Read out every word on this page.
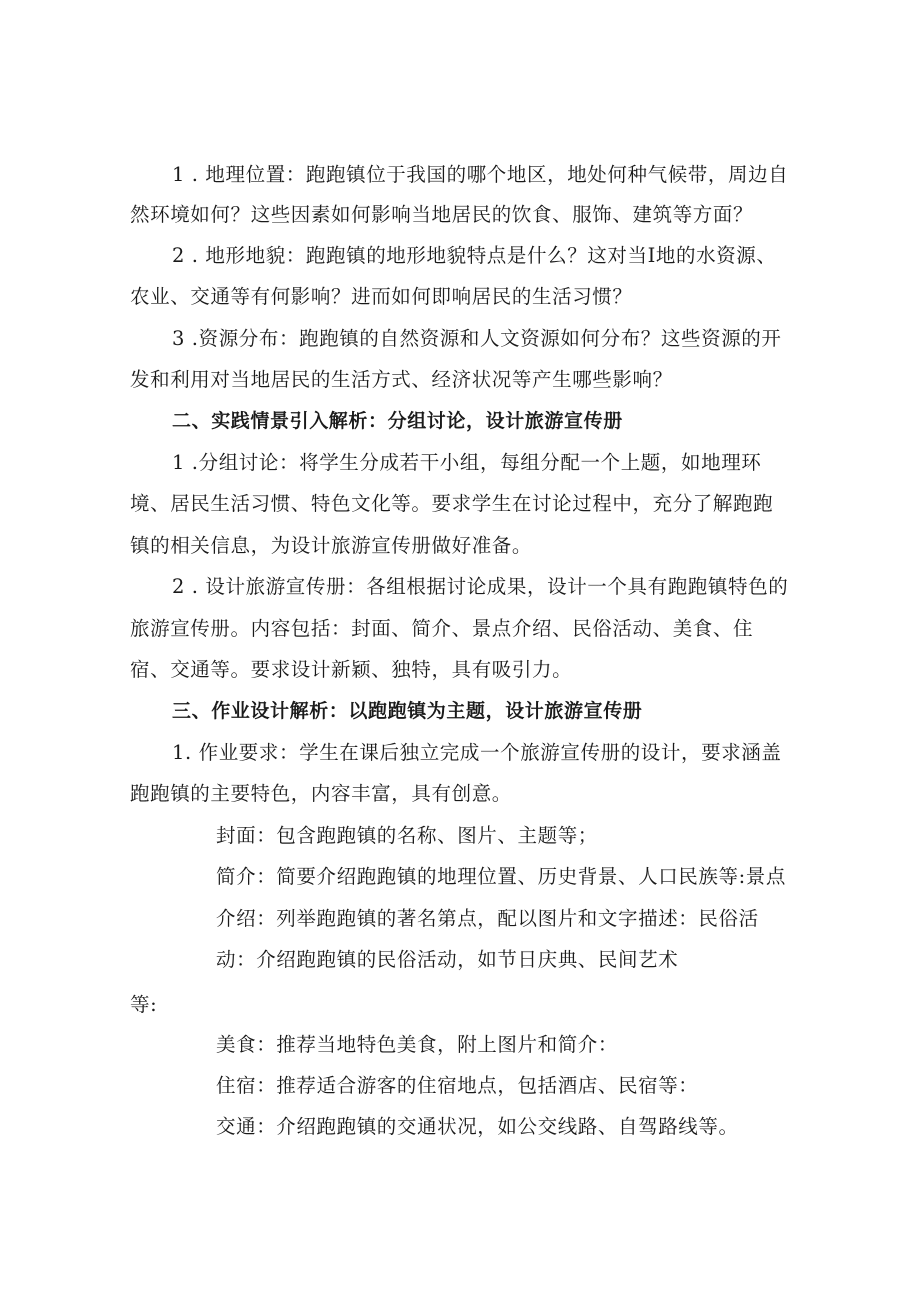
1 . 地理位置：跑跑镇位于我国的哪个地区，地处何种气候带，周边自
然环境如何？这些因素如何影响当地居民的饮食、服饰、建筑等方面？
2 . 地形地貌：跑跑镇的地形地貌特点是什么？这对当I地的水资源、
农业、交通等有何影响？进而如何即响居民的生活习惯？
3 .资源分布：跑跑镇的自然资源和人文资源如何分布？这些资源的开
发和利用对当地居民的生活方式、经济状况等产生哪些影响？
二、实践情景引入解析：分组讨论，设计旅游宣传册
1 .分组讨论：将学生分成若干小组，每组分配一个上题，如地理环
境、居民生活习惯、特色文化等。要求学生在讨论过程中，充分了解跑跑
镇的相关信息，为设计旅游宣传册做好准备。
2 . 设计旅游宣传册：各组根据讨论成果，设计一个具有跑跑镇特色的
旅游宣传册。内容包括：封面、简介、景点介绍、民俗活动、美食、住
宿、交通等。要求设计新颖、独特，具有吸引力。
三、作业设计解析：以跑跑镇为主题，设计旅游宣传册
1. 作业要求：学生在课后独立完成一个旅游宣传册的设计，要求涵盖
跑跑镇的主要特色，内容丰富，具有创意。
封面：包含跑跑镇的名称、图片、主题等；
简介：简要介绍跑跑镇的地理位置、历史背景、人口民族等:景点
介绍：列举跑跑镇的著名第点，配以图片和文字描述：民俗活
动：介绍跑跑镇的民俗活动，如节日庆典、民间艺术
等:
美食：推荐当地特色美食，附上图片和简介：
住宿：推荐适合游客的住宿地点，包括酒店、民宿等：
交通：介绍跑跑镇的交通状况，如公交线路、自驾路线等。
